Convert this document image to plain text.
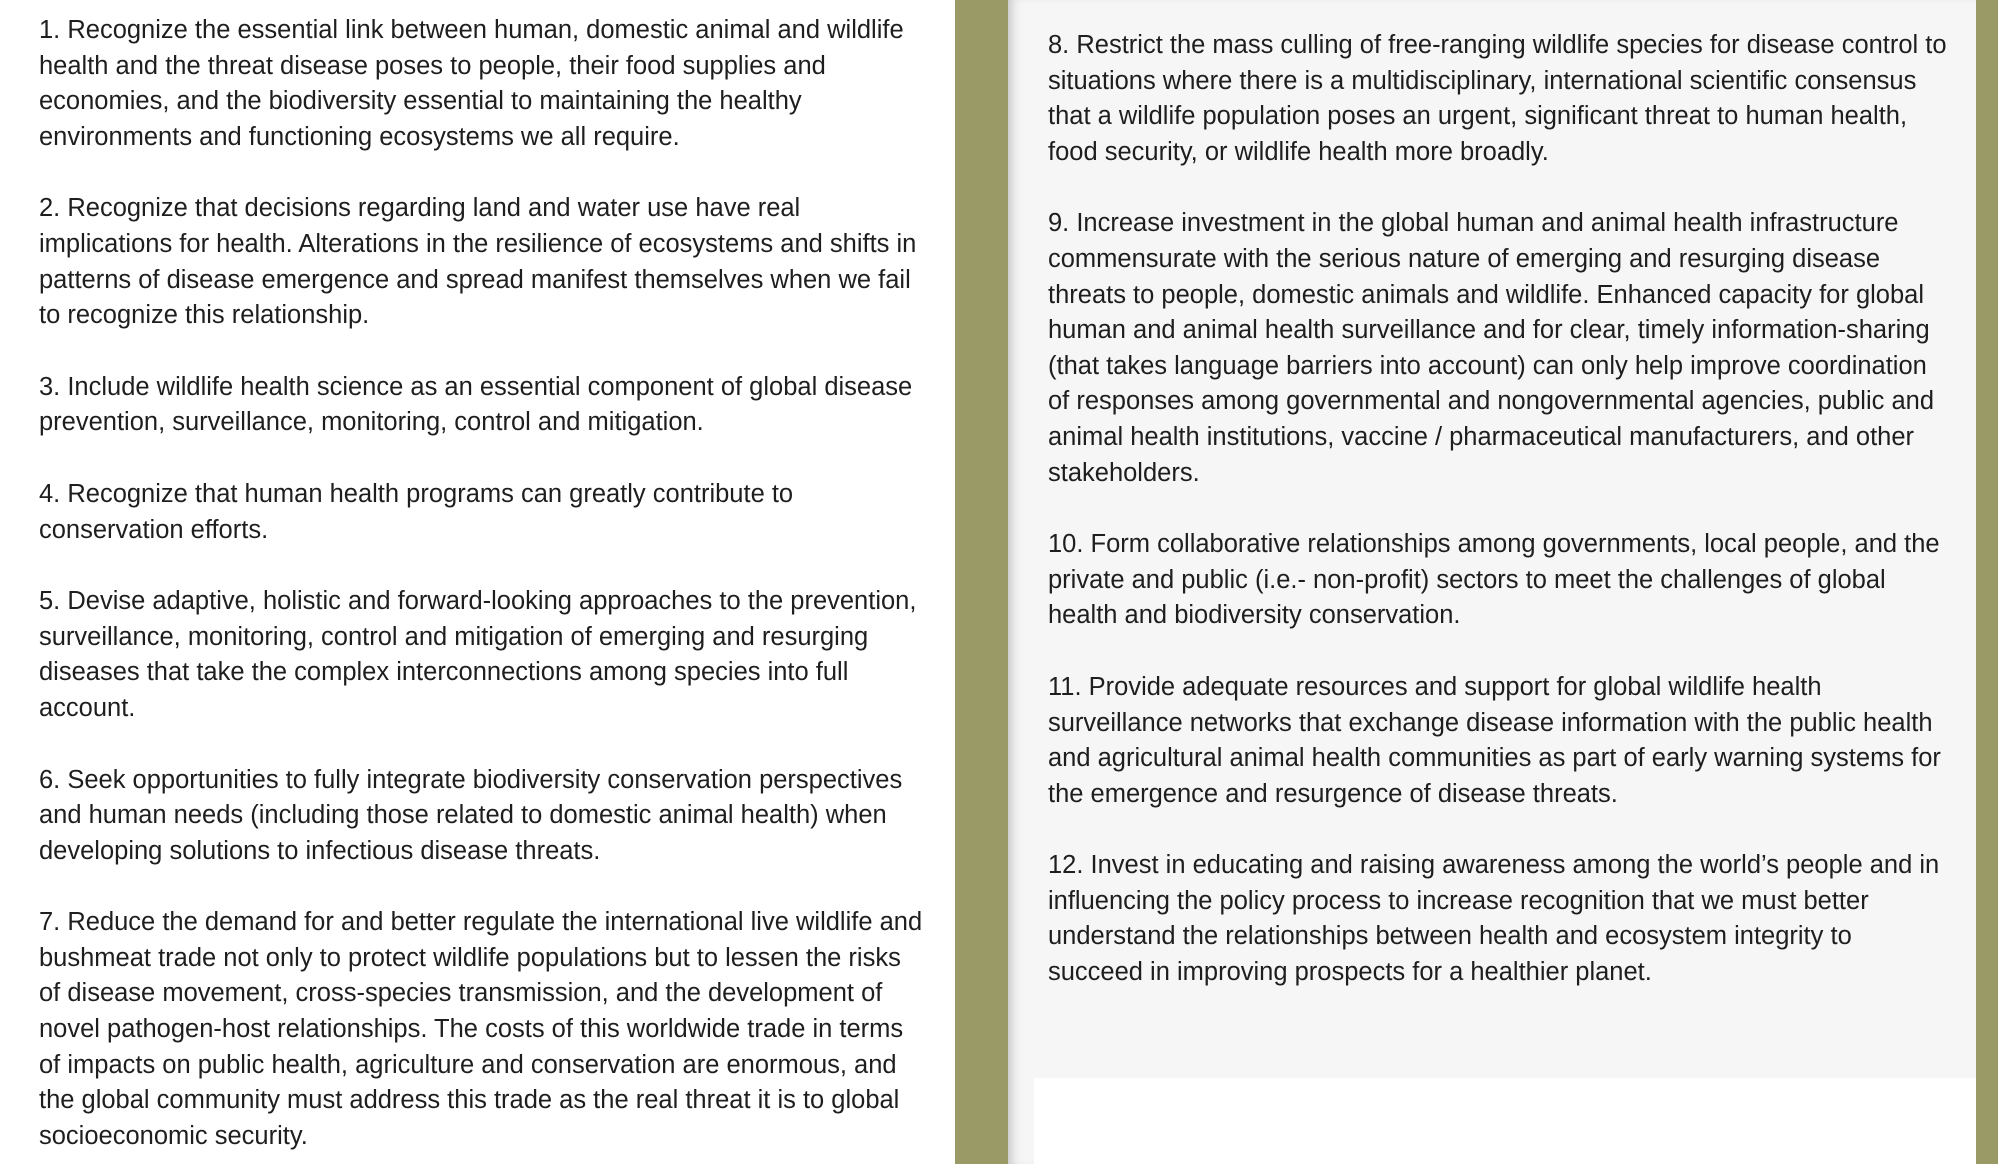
1. Recognize the essential link between human, domestic animal and wildlife health and the threat disease poses to people, their food supplies and economies, and the biodiversity essential to maintaining the healthy environments and functioning ecosystems we all require.

2. Recognize that decisions regarding land and water use have real implications for health. Alterations in the resilience of ecosystems and shifts in patterns of disease emergence and spread manifest themselves when we fail to recognize this relationship.

3. Include wildlife health science as an essential component of global disease prevention, surveillance, monitoring, control and mitigation.

4. Recognize that human health programs can greatly contribute to conservation efforts.

5. Devise adaptive, holistic and forward-looking approaches to the prevention, surveillance, monitoring, control and mitigation of emerging and resurging diseases that take the complex interconnections among species into full account.

6. Seek opportunities to fully integrate biodiversity conservation perspectives and human needs (including those related to domestic animal health) when developing solutions to infectious disease threats.

7. Reduce the demand for and better regulate the international live wildlife and bushmeat trade not only to protect wildlife populations but to lessen the risks of disease movement, cross-species transmission, and the development of novel pathogen-host relationships. The costs of this worldwide trade in terms of impacts on public health, agriculture and conservation are enormous, and the global community must address this trade as the real threat it is to global socioeconomic security.

8. Restrict the mass culling of free-ranging wildlife species for disease control to situations where there is a multidisciplinary, international scientific consensus that a wildlife population poses an urgent, significant threat to human health, food security, or wildlife health more broadly.

9. Increase investment in the global human and animal health infrastructure commensurate with the serious nature of emerging and resurging disease threats to people, domestic animals and wildlife. Enhanced capacity for global human and animal health surveillance and for clear, timely information-sharing (that takes language barriers into account) can only help improve coordination of responses among governmental and nongovernmental agencies, public and animal health institutions, vaccine / pharmaceutical manufacturers, and other stakeholders.

10. Form collaborative relationships among governments, local people, and the private and public (i.e.- non-profit) sectors to meet the challenges of global health and biodiversity conservation.

11. Provide adequate resources and support for global wildlife health surveillance networks that exchange disease information with the public health and agricultural animal health communities as part of early warning systems for the emergence and resurgence of disease threats.

12. Invest in educating and raising awareness among the world’s people and in influencing the policy process to increase recognition that we must better understand the relationships between health and ecosystem integrity to succeed in improving prospects for a healthier planet.
